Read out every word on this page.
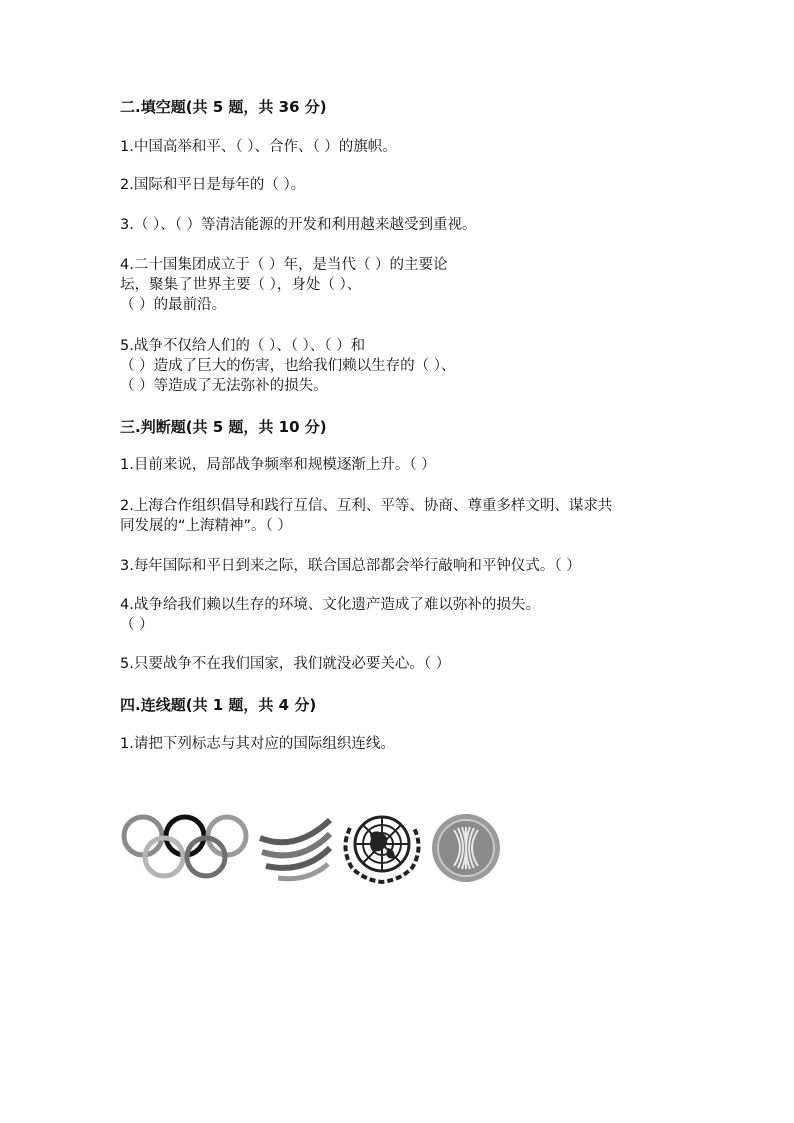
二.填空题(共 5 题，共 36 分)
1.中国高举和平、（ ）、合作、（ ）的旗帜。
2.国际和平日是每年的（ ）。
3.（ ）、（ ）等清洁能源的开发和利用越来越受到重视。
4.二十国集团成立于（ ）年，是当代（ ）的主要论
坛，聚集了世界主要（ ），身处（ ）、
（ ）的最前沿。
5.战争不仅给人们的（ ）、（ ）、（ ）和
（ ）造成了巨大的伤害，也给我们赖以生存的（ ）、
（ ）等造成了无法弥补的损失。
三.判断题(共 5 题，共 10 分)
1.目前来说，局部战争频率和规模逐渐上升。（ ）
2.上海合作组织倡导和践行互信、互利、平等、协商、尊重多样文明、谋求共
同发展的“上海精神”。（ ）
3.每年国际和平日到来之际，联合国总部都会举行敲响和平钟仪式。（ ）
4.战争给我们赖以生存的环境、文化遗产造成了难以弥补的损失。
（ ）
5.只要战争不在我们国家，我们就没必要关心。（ ）
四.连线题(共 1 题，共 4 分)
1.请把下列标志与其对应的国际组织连线。
